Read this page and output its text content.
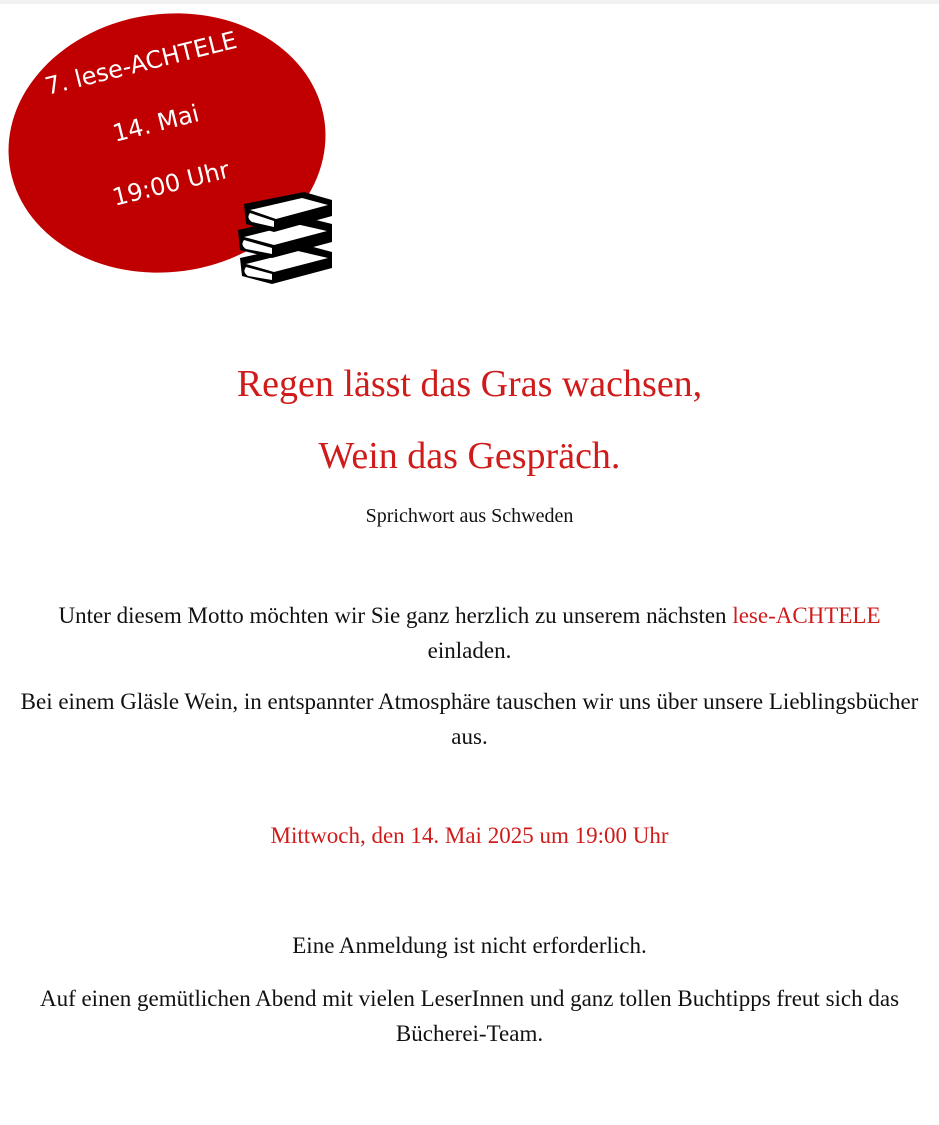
7. lese-ACHTELE
14. Mai
19:00 Uhr
Regen lässt das Gras wachsen,
Wein das Gespräch.
Sprichwort aus Schweden
Unter diesem Motto möchten wir Sie ganz herzlich zu unserem nächsten lese-ACHTELE einladen.
Bei einem Gläsle Wein, in entspannter Atmosphäre tauschen wir uns über unsere Lieblingsbücher aus.
Mittwoch, den 14. Mai 2025 um 19:00 Uhr
Eine Anmeldung ist nicht erforderlich.
Auf einen gemütlichen Abend mit vielen LeserInnen und ganz tollen Buchtipps freut sich das Bücherei-Team.
